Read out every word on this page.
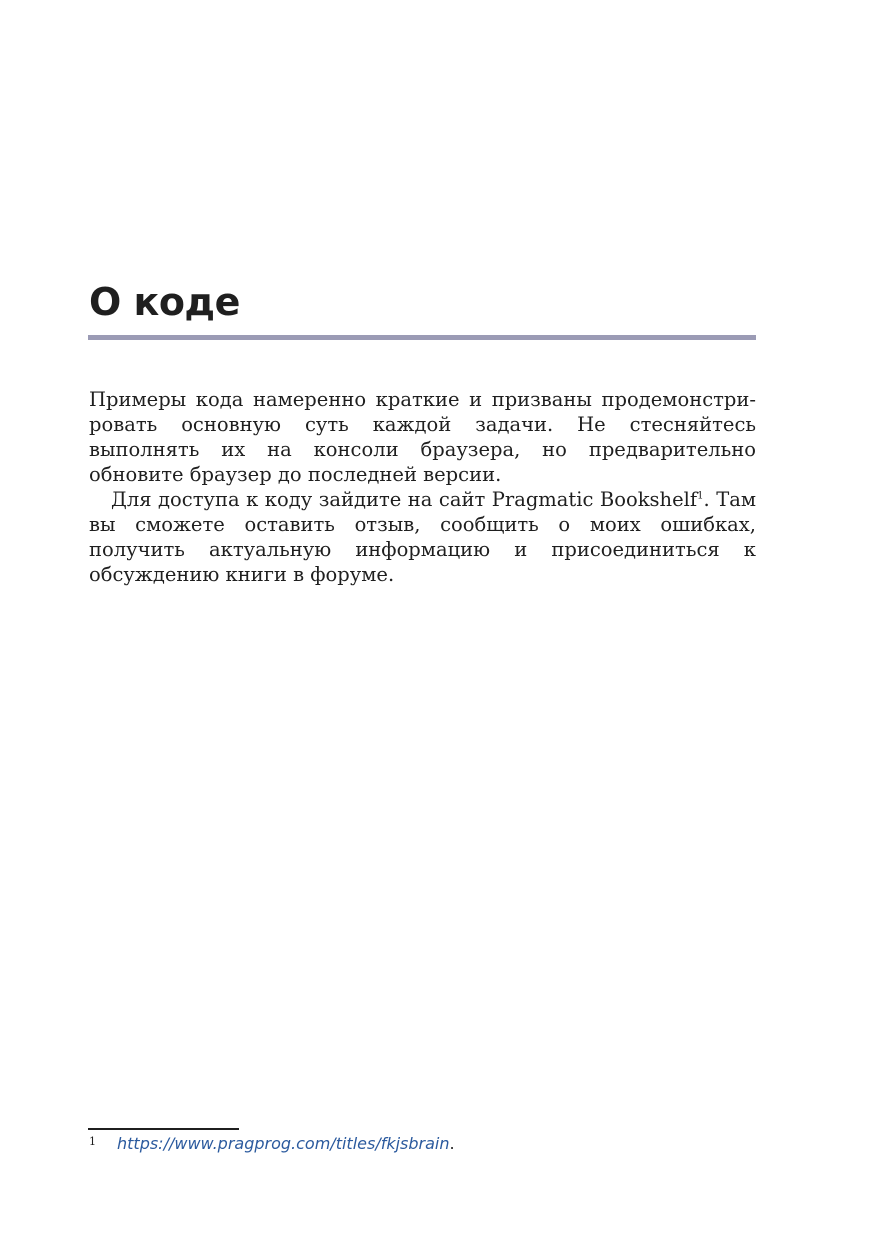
О коде

Примеры кода намеренно краткие и призваны продемонстрировать основную суть каждой задачи. Не стесняйтесь выполнять их на консоли браузера, но предварительно обновите браузер до последней версии.

Для доступа к коду зайдите на сайт Pragmatic Bookshelf$^1$. Там вы сможете оставить отзыв, сообщить о моих ошибках, получить актуальную информацию и присоединиться к обсуждению книги в форуме.

1 https://www.pragprog.com/titles/fkjsbrain.
